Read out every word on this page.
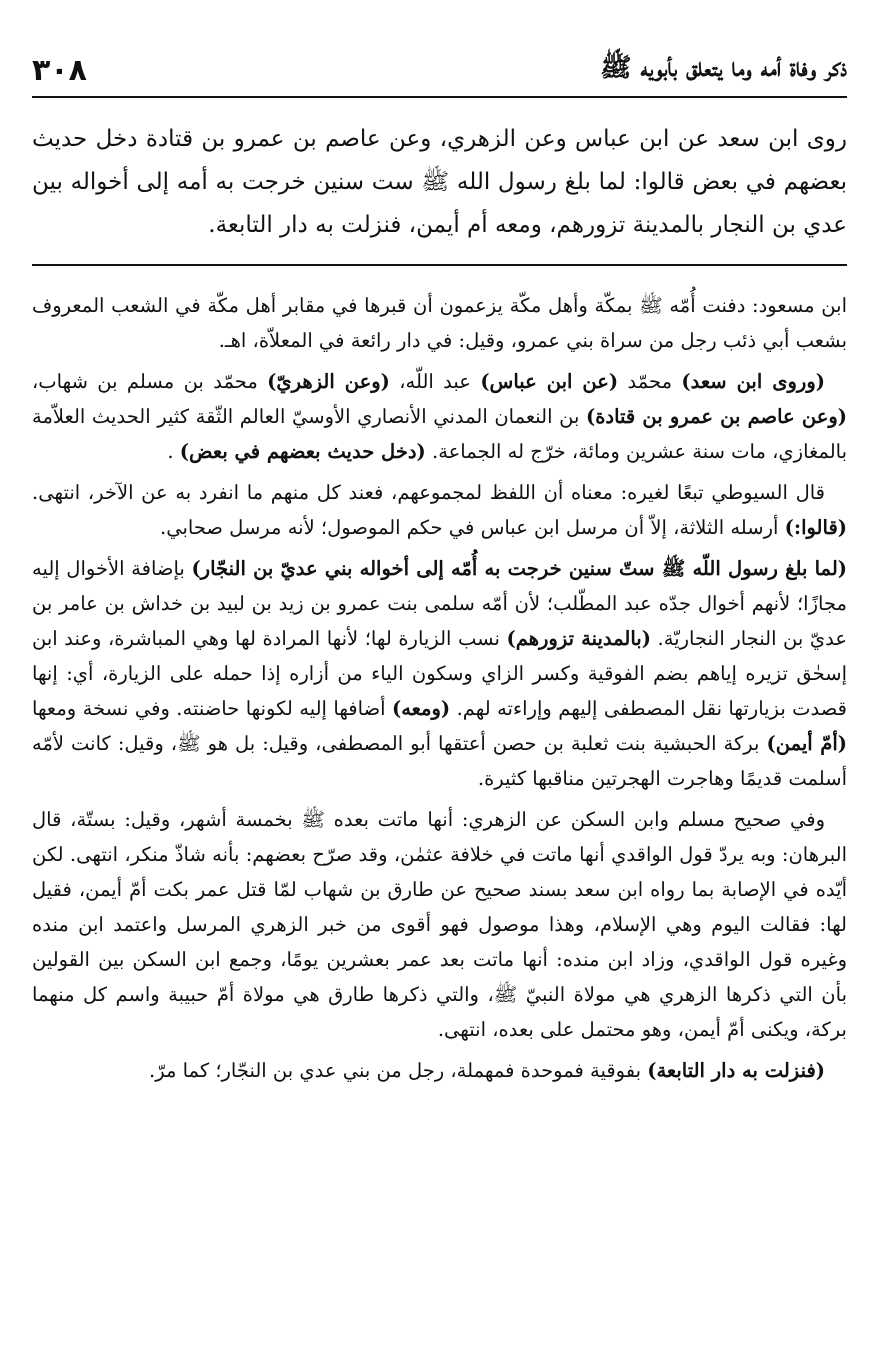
٣٠٨	ذكر وفاة أمه وما يتعلق بأبويه ﷺ
روى ابن سعد عن ابن عباس وعن الزهري، وعن عاصم بن عمرو بن قتادة دخل حديث بعضهم في بعض قالوا: لما بلغ رسول الله ﷺ ست سنين خرجت به أمه إلى أخواله بين عدي بن النجار بالمدينة تزورهم، ومعه أم أيمن، فنزلت به دار التابعة.

ابن مسعود: دفنت أُمّه ﷺ بمكّة وأهل مكّة يزعمون أن قبرها في مقابر أهل مكّة في الشعب المعروف بشعب أبي ذئب رجل من سراة بني عمرو، وقيل: في دار رائعة في المعلاّة، اهـ.

(وروى ابن سعد) محمّد (عن ابن عباس) عبد اللّه، (وعن الزهريّ) محمّد بن مسلم بن شهاب، (وعن عاصم بن عمرو بن قتادة) بن النعمان المدني الأنصاري الأوسيّ العالم الثّقة كثير الحديث العلاّمة بالمغازي، مات سنة عشرين ومائة، خرّج له الجماعة. (دخل حديث بعضهم في بعض) .

قال السيوطي تبعًا لغيره: معناه أن اللفظ لمجموعهم، فعند كل منهم ما انفرد به عن الآخر، انتهى. (قالوا:) أرسله الثلاثة، إلاّ أن مرسل ابن عباس في حكم الموصول؛ لأنه مرسل صحابي.

(لما بلغ رسول اللّه ﷺ ستّ سنين خرجت به أُمّه إلى أخواله بني عديّ بن النجّار) بإضافة الأخوال إليه مجازًا؛ لأنهم أخوال جدّه عبد المطّلب؛ لأن أمّه سلمى بنت عمرو بن زيد بن لبيد بن خداش بن عامر بن عديّ بن النجار النجاريّة. (بالمدينة تزورهم) نسب الزيارة لها؛ لأنها المرادة لها وهي المباشرة، وعند ابن إسحٰق تزيره إياهم بضم الفوقية وكسر الزاي وسكون الياء من أزاره إذا حمله على الزيارة، أي: إنها قصدت بزيارتها نقل المصطفى إليهم وإراءته لهم. (ومعه) أضافها إليه لكونها حاضنته. وفي نسخة ومعها (أمّ أيمن) بركة الحبشية بنت ثعلبة بن حصن أعتقها أبو المصطفى، وقيل: بل هو ﷺ، وقيل: كانت لأمّه أسلمت قديمًا وهاجرت الهجرتين مناقبها كثيرة.

وفي صحيح مسلم وابن السكن عن الزهري: أنها ماتت بعده ﷺ بخمسة أشهر، وقيل: بستّة، قال البرهان: وبه يردّ قول الواقدي أنها ماتت في خلافة عثمٰن، وقد صرّح بعضهم: بأنه شاذّ منكر، انتهى. لكن أيّده في الإصابة بما رواه ابن سعد بسند صحيح عن طارق بن شهاب لمّا قتل عمر بكت أمّ أيمن، فقيل لها: فقالت اليوم وهي الإسلام، وهذا موصول فهو أقوى من خبر الزهري المرسل واعتمد ابن منده وغيره قول الواقدي، وزاد ابن منده: أنها ماتت بعد عمر بعشرين يومًا، وجمع ابن السكن بين القولين بأن التي ذكرها الزهري هي مولاة النبيّ ﷺ، والتي ذكرها طارق هي مولاة أمّ حبيبة واسم كل منهما بركة، ويكنى أمّ أيمن، وهو محتمل على بعده، انتهى.

(فنزلت به دار التابعة) بفوقية فموحدة فمهملة، رجل من بني عدي بن النجّار؛ كما مرّ.
